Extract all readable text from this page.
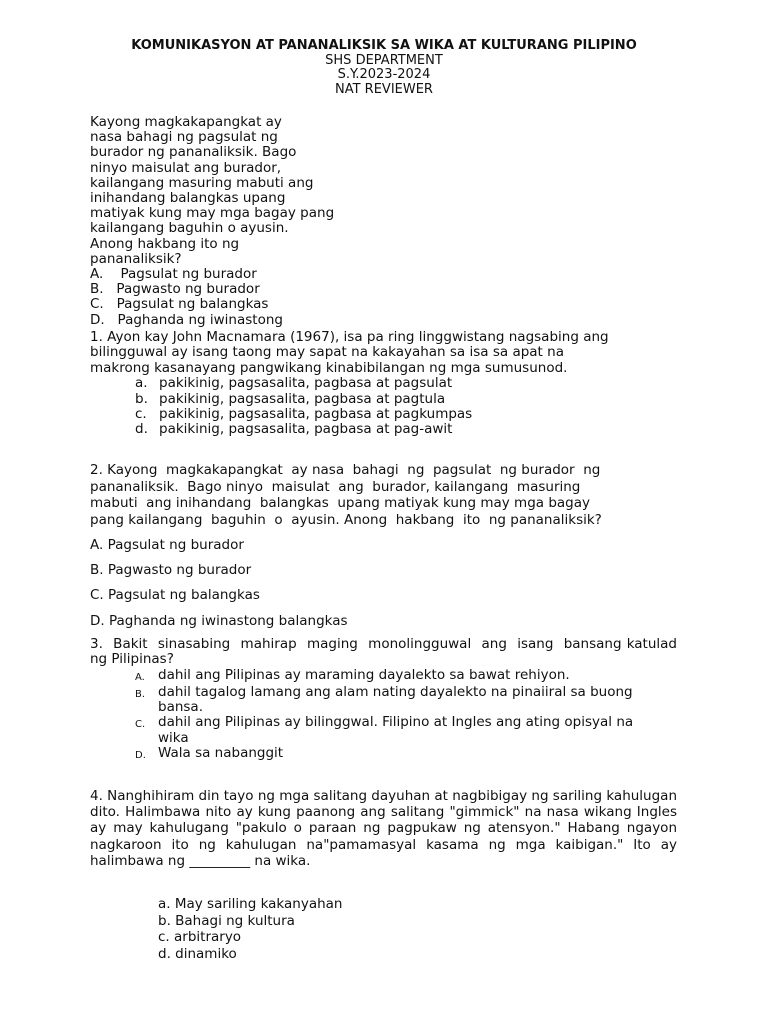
KOMUNIKASYON AT PANANALIKSIK SA WIKA AT KULTURANG PILIPINO
SHS DEPARTMENT
S.Y.2023-2024
NAT REVIEWER

Kayong magkakapangkat ay

nasa bahagi ng pagsulat ng

burador ng pananaliksik. Bago

ninyo maisulat ang burador,

kailangang masuring mabuti ang

inihandang balangkas upang

matiyak kung may mga bagay pang

kailangang baguhin o ayusin.

Anong hakbang ito ng

pananaliksik?

A.    Pagsulat ng burador

B.   Pagwasto ng burador

C.   Pagsulat ng balangkas

D.   Paghanda ng iwinastong

1. Ayon kay John Macnamara (1967), isa pa ring linggwistang nagsabing ang

bilingguwal ay isang taong may sapat na kakayahan sa isa sa apat na

makrong kasanayang pangwikang kinabibilangan ng mga sumusunod.

a. pakikinig, pagsasalita, pagbasa at pagsulat

b. pakikinig, pagsasalita, pagbasa at pagtula

c. pakikinig, pagsasalita, pagbasa at pagkumpas

d. pakikinig, pagsasalita, pagbasa at pag-awit

2. Kayong  magkakapangkat  ay nasa  bahagi  ng  pagsulat  ng burador  ng

pananaliksik.  Bago ninyo  maisulat  ang  burador, kailangang  masuring

mabuti  ang inihandang  balangkas  upang matiyak kung may mga bagay

pang kailangang  baguhin  o  ayusin. Anong  hakbang  ito  ng pananaliksik?

A. Pagsulat ng burador

B. Pagwasto ng burador

C. Pagsulat ng balangkas

D. Paghanda ng iwinastong balangkas

3.  Bakit  sinasabing  mahirap  maging  monolingguwal  ang  isang  bansang katulad ng Pilipinas?

A. dahil ang Pilipinas ay maraming dayalekto sa bawat rehiyon.
B. dahil tagalog lamang ang alam nating dayalekto na pinaiiral sa buong bansa.
C. dahil ang Pilipinas ay bilinggwal. Filipino at Ingles ang ating opisyal na wika
D. Wala sa nabanggit

4. Nanghihiram din tayo ng mga salitang dayuhan at nagbibigay ng sariling kahulugan dito. Halimbawa nito ay kung paanong ang salitang "gimmick" na nasa wikang Ingles ay may kahulugang "pakulo o paraan ng pagpukaw ng atensyon." Habang ngayon nagkaroon ito ng kahulugan na"pamamasyal kasama ng mga kaibigan." Ito ay halimbawa ng _________ na wika.

a. May sariling kakanyahan

b. Bahagi ng kultura

c. arbitraryo

d. dinamiko
